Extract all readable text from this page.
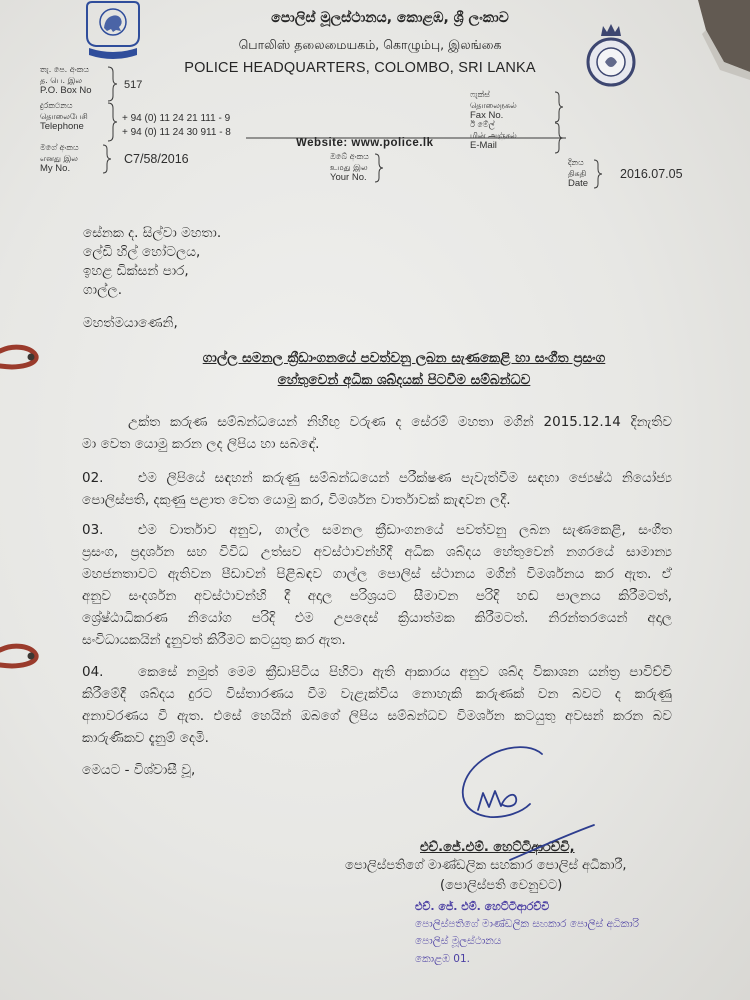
පොලිස් මූලස්ථානය, කොළඹ, ශ්‍රී ලංකාව
பொலிஸ் தலைமையகம், கொழும்பு, இலங்கை
POLICE HEADQUARTERS, COLOMBO, SRI LANKA
තැ. පෙ. අංකය
த. பெ. இல
P.O. Box No	517
දුරකථනය
தொலைபேசி
Telephone
+ 94 (0) 11 24 21 111 - 9
+ 94 (0) 11 24 30 911 - 8
ෆැක්ස්
தொலைநகல்
Fax No.
ඊ මේල්
மின் அஞ்சல்
E-Mail
Website: www.police.lk
මගේ අංකය
எனது இல
My No.
C7/58/2016	ඔබේ අංකය
உமது இல
Your No.
දිනය
திகதி
Date
2016.07.05
සේනක ද. සිල්වා මහතා.
ලේඩි හිල් හෝටලය,
ඉහළ ඩික්සන් පාර,
ගාල්ල.
මහත්මයාණෙනි,
ගාල්ල සමනල ක්‍රීඩාංගනයේ පවත්වනු ලබන සැණකෙළි හා සංගීත ප්‍රසංග
හේතුවෙන් අධික ශබ්දයක් පිටවීම සම්බන්ධව
උක්ත කරුණ සම්බන්ධයෙන් නිහිඟු වරුණ ද සේරම් මහතා මගින් 2015.12.14 දිනැතිව
මා වෙත යොමු කරන ලද ලිපිය හා සබඳේ.
02.	එම ලිපියේ සඳහන් කරුණු සම්බන්ධයෙන් පරීක්ෂණ පැවැත්වීම සඳහා ජ්‍යෙෂ්ඨ නියෝජ්‍ය
පොලිස්පති, දකුණු පළාත වෙත යොමු කර, විමර්ශන වාර්තාවක් කැඳවන ලදී.
03.	එම වාර්තාව අනුව, ගාල්ල සමනල ක්‍රීඩාංගනයේ පවත්වනු ලබන සැණකෙළි, සංගීත
ප්‍රසංග, ප්‍රදර්ශන සහ විවිධ උත්සව අවස්ථාවන්හිදී අධික ශබ්දය හේතුවෙන් නගරයේ සාමාන්‍ය
මහජනතාවට ඇතිවන පීඩාවන් පිළිබඳව ගාල්ල පොලිස් ස්ථානය මගින් විමර්ශනය කර ඇත. ඒ
අනුව සංදර්ශන අවස්ථාවන්හි දී අදාල පරිශ්‍රයට සීමාවන පරිදි හඬ පාලනය කිරීමටත්,
ශ්‍රේෂ්ඨාධිකරණ නියෝග පරිදි එම උපදෙස් ක්‍රියාත්මක කිරීමටත්. නිරන්තරයෙන් අදාල
සංවිධායකයින් දැනුවත් කිරීමට කටයුතු කර ඇත.
04.	කෙසේ නමුත් මෙම ක්‍රීඩාපිටිය පිහිටා ඇති ආකාරය අනුව ශබ්ද විකාශන යන්ත්‍ර පාවිච්චි
කිරීමේදී ශබ්දය දුරට විස්තාරණය වීම වැළැක්විය නොහැකි කරුණක් වන බවට ද කරුණු
අනාවරණය වී ඇත. එසේ හෙයින් ඔබගේ ලිපිය සම්බන්ධව විමර්ශන කටයුතු අවසන් කරන බව
කාරුණිකව දැනුම් දෙමි.
මෙයට - විශ්වාසී වූ,
එච්.ජේ.එම්. හෙට්ටිආරච්චි,
පොලිස්පතිගේ මාණ්ඩලික සහකාර පොලිස් අධිකාරී,
(පොලිස්පති වෙනුවට)
එච්. ජේ. එම්. හෙට්ටිආරච්චි
පොලිස්පතිගේ මාණ්ඩලික සහකාර පොලිස් අධිකාරි
පොලිස් මූලස්ථානය
කොළඹ 01.
